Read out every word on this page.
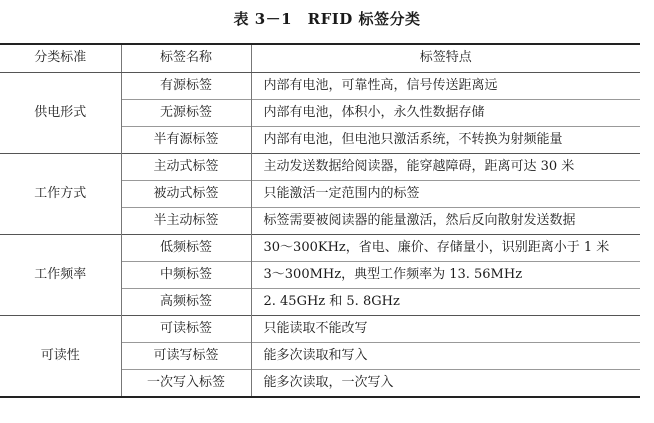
表 3－1　RFID 标签分类
分类标准	标签名称	标签特点
供电形式	有源标签	内部有电池，可靠性高，信号传送距离远
	无源标签	内部有电池，体积小，永久性数据存储
	半有源标签	内部有电池，但电池只激活系统，不转换为射频能量
工作方式	主动式标签	主动发送数据给阅读器，能穿越障碍，距离可达 30 米
	被动式标签	只能激活一定范围内的标签
	半主动标签	标签需要被阅读器的能量激活，然后反向散射发送数据
工作频率	低频标签	30～300KHz，省电、廉价、存储量小，识别距离小于 1 米
	中频标签	3～300MHz，典型工作频率为 13. 56MHz
	高频标签	2. 45GHz 和 5. 8GHz
可读性	可读标签	只能读取不能改写
	可读写标签	能多次读取和写入
	一次写入标签	能多次读取，一次写入
